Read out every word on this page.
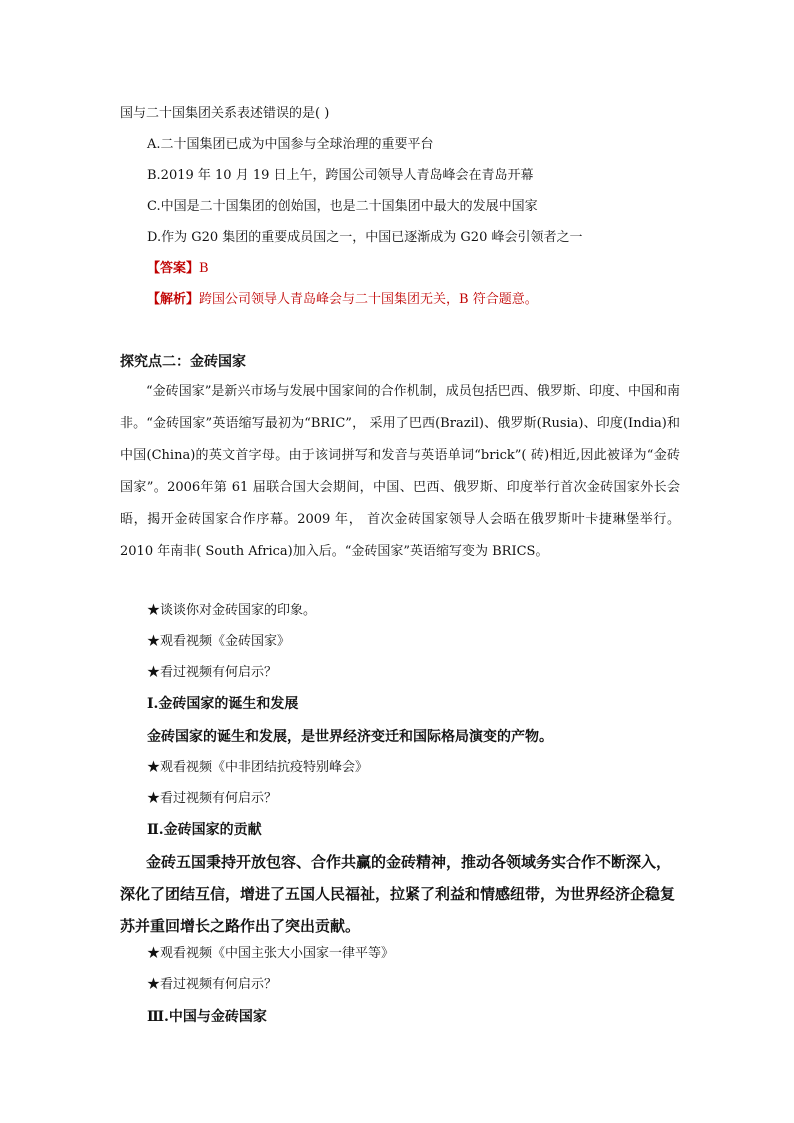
国与二十国集团关系表述错误的是( )
A.二十国集团已成为中国参与全球治理的重要平台
B.2019 年 10 月 19 日上午，跨国公司领导人青岛峰会在青岛开幕
C.中国是二十国集团的创始国，也是二十国集团中最大的发展中国家
D.作为 G20 集团的重要成员国之一，中国已逐渐成为 G20 峰会引领者之一
【答案】B
【解析】跨国公司领导人青岛峰会与二十国集团无关，B 符合题意。
探究点二：金砖国家
“金砖国家”是新兴市场与发展中国家间的合作机制，成员包括巴西、俄罗斯、印度、中国和南非。“金砖国家”英语缩写最初为“BRIC”， 采用了巴西(Brazil)、俄罗斯(Rusia)、印度(India)和中国(China)的英文首字母。由于该词拼写和发音与英语单词“brick”( 砖)相近,因此被译为“金砖国家”。2006年第 61 届联合国大会期间，中国、巴西、俄罗斯、印度举行首次金砖国家外长会晤，揭开金砖国家合作序幕。2009 年， 首次金砖国家领导人会晤在俄罗斯叶卡捷琳堡举行。2010 年南非( South Africa)加入后。“金砖国家”英语缩写变为 BRICS。
★谈谈你对金砖国家的印象。
★观看视频《金砖国家》
★看过视频有何启示？
Ⅰ.金砖国家的诞生和发展
金砖国家的诞生和发展，是世界经济变迁和国际格局演变的产物。
★观看视频《中非团结抗疫特别峰会》
★看过视频有何启示？
Ⅱ.金砖国家的贡献
金砖五国秉持开放包容、合作共赢的金砖精神，推动各领域务实合作不断深入，深化了团结互信，增进了五国人民福祉，拉紧了利益和情感纽带，为世界经济企稳复苏并重回增长之路作出了突出贡献。
★观看视频《中国主张大小国家一律平等》
★看过视频有何启示？
Ⅲ.中国与金砖国家
